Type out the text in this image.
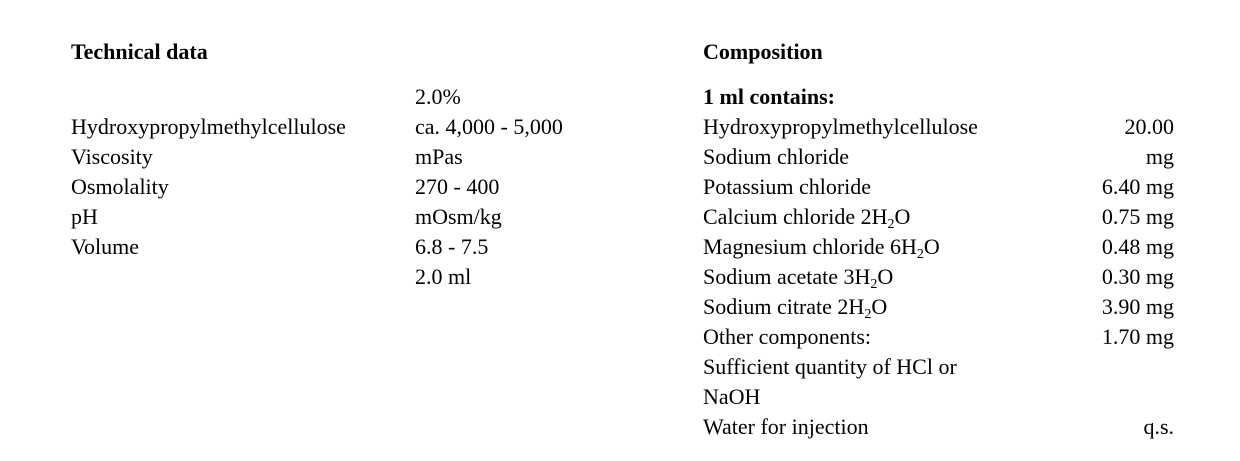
Technical data
Hydroxypropylmethylcellulose
Viscosity
Osmolality
pH
Volume
2.0%
ca. 4,000 - 5,000
mPas
270 - 400
mOsm/kg
6.8 - 7.5
2.0 ml
Composition
1 ml contains:
Hydroxypropylmethylcellulose
Sodium chloride
Potassium chloride
Calcium chloride $2H_2O$
Magnesium chloride $6H_2O$
Sodium acetate $3H_2O$
Sodium citrate $2H_2O$
Other components:
Sufficient quantity of HCl or
NaOH
Water for injection
20.00
mg
6.40 mg
0.75 mg
0.48 mg
0.30 mg
3.90 mg
1.70 mg
q.s.
